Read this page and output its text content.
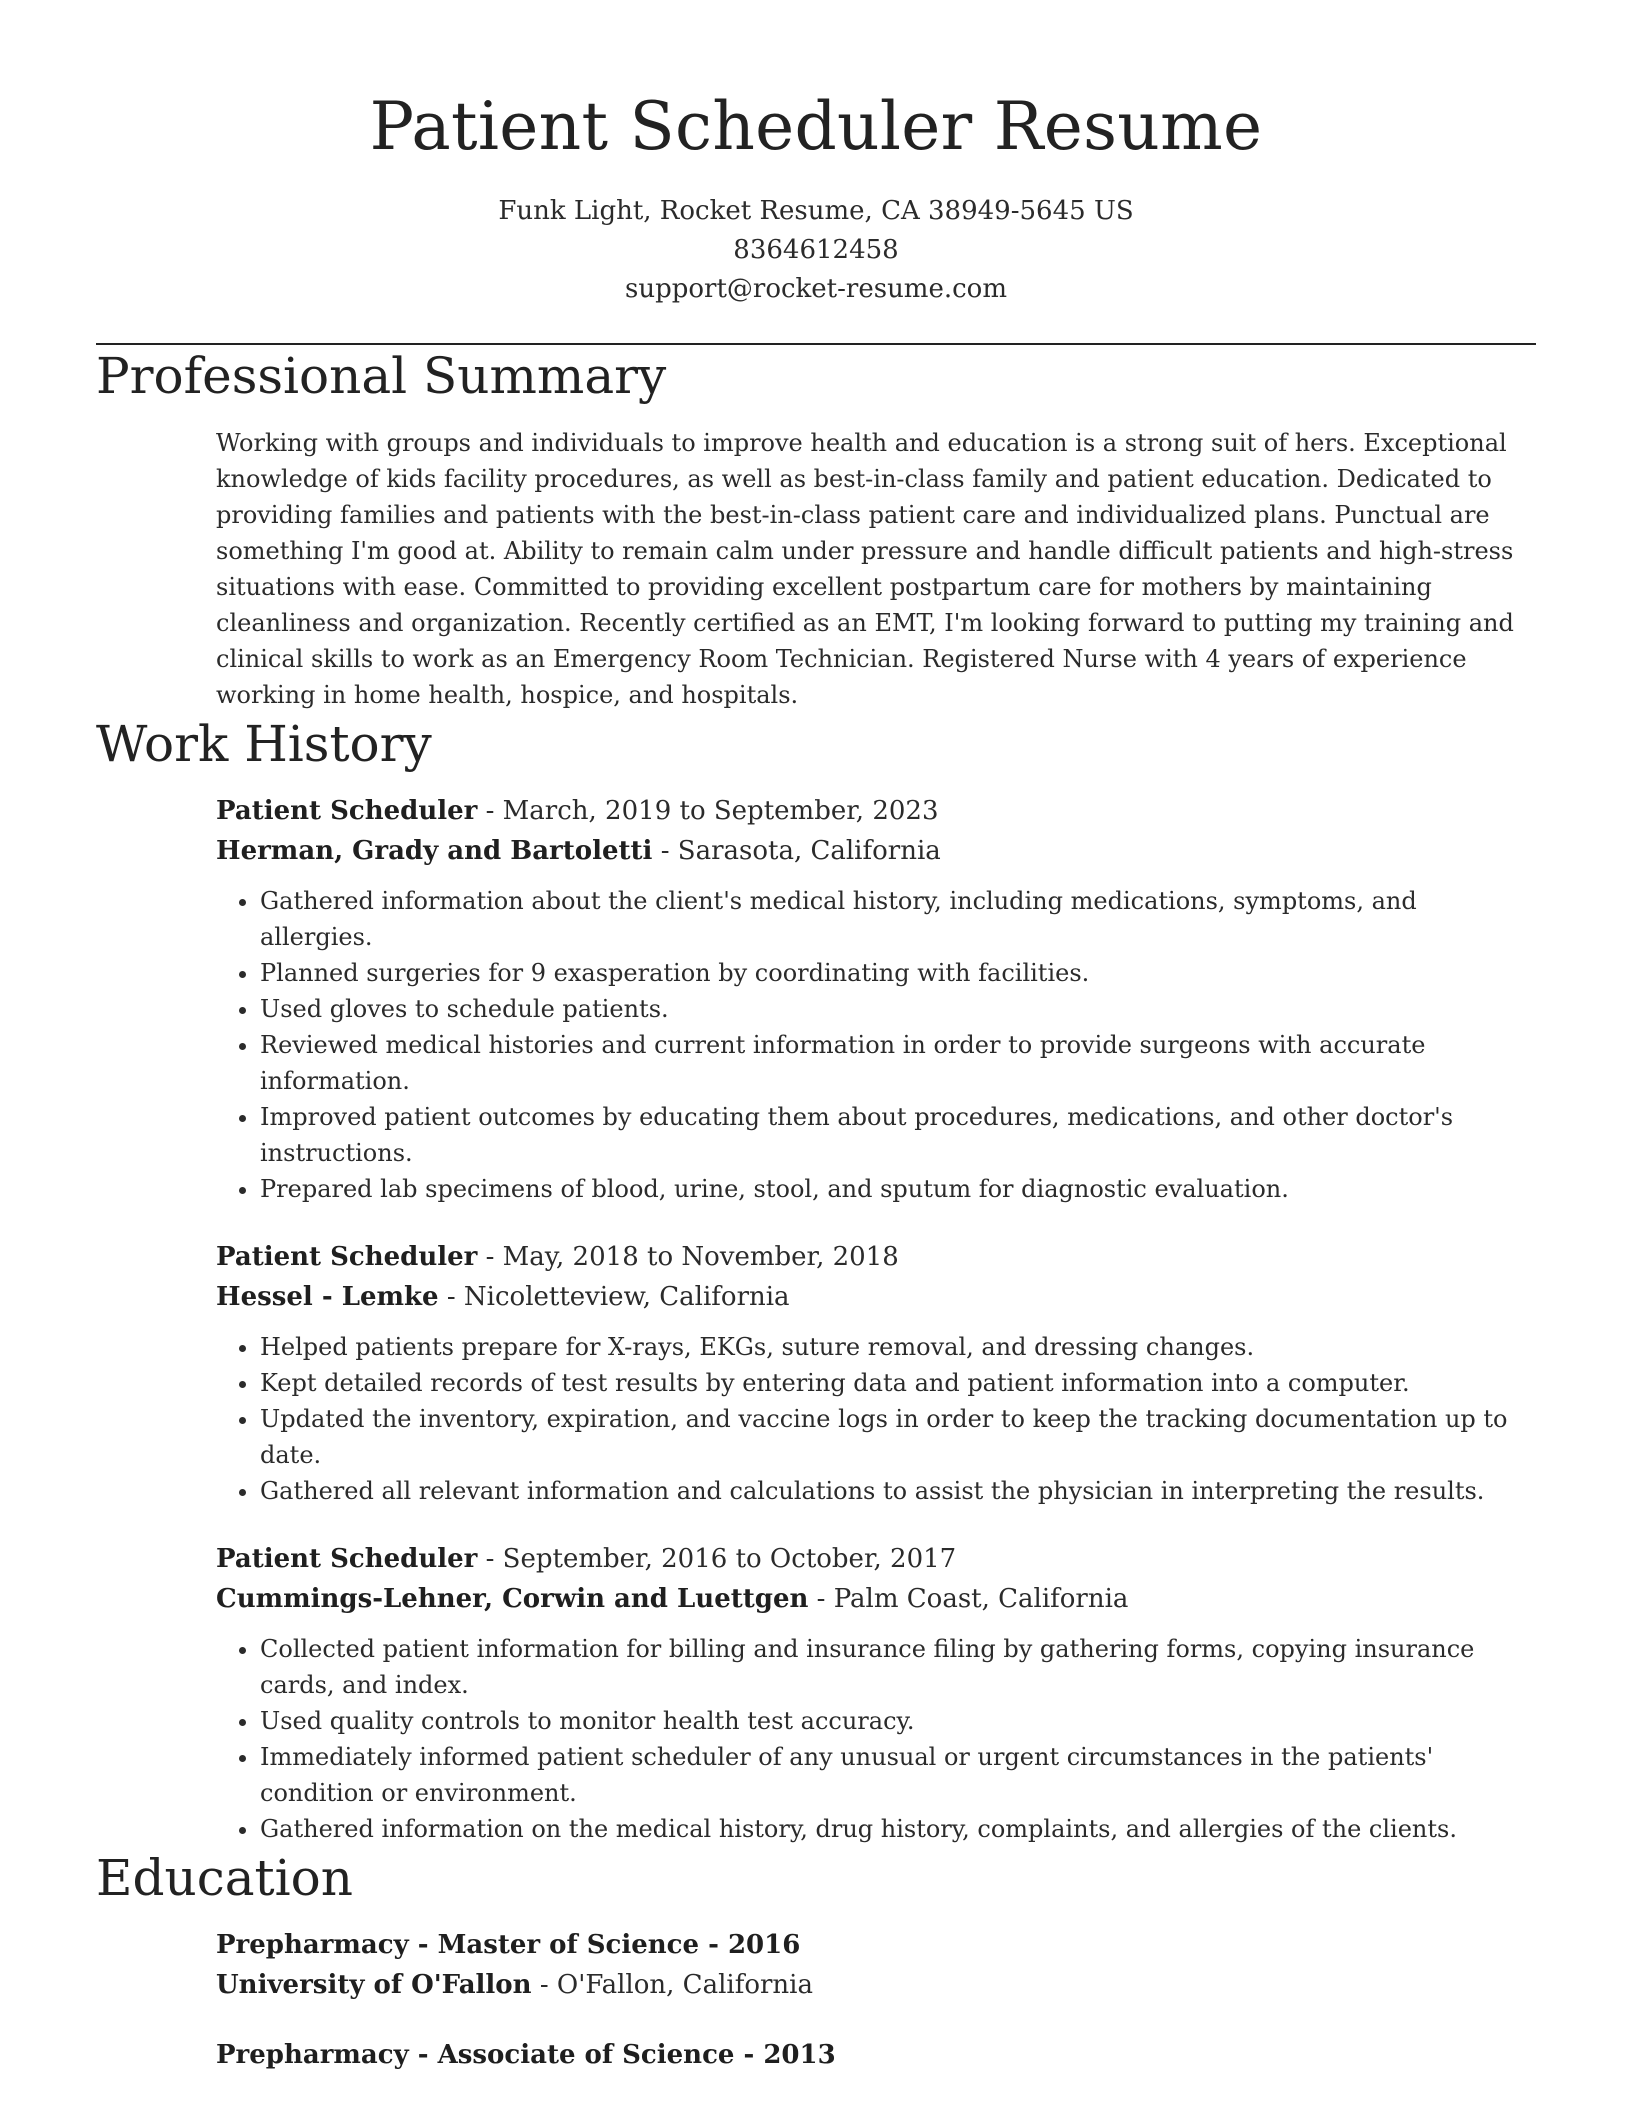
Patient Scheduler Resume
Funk Light, Rocket Resume, CA 38949-5645 US
8364612458
support@rocket-resume.com
Professional Summary

Working with groups and individuals to improve health and education is a strong suit of hers. Exceptional knowledge of kids facility procedures, as well as best-in-class family and patient education. Dedicated to providing families and patients with the best-in-class patient care and individualized plans. Punctual are something I'm good at. Ability to remain calm under pressure and handle difficult patients and high-stress situations with ease. Committed to providing excellent postpartum care for mothers by maintaining cleanliness and organization. Recently certified as an EMT, I'm looking forward to putting my training and clinical skills to work as an Emergency Room Technician. Registered Nurse with 4 years of experience working in home health, hospice, and hospitals.

Work History
Patient Scheduler - March, 2019 to September, 2023
Herman, Grady and Bartoletti - Sarasota, California
• Gathered information about the client's medical history, including medications, symptoms, and allergies.
• Planned surgeries for 9 exasperation by coordinating with facilities.
• Used gloves to schedule patients.
• Reviewed medical histories and current information in order to provide surgeons with accurate information.
• Improved patient outcomes by educating them about procedures, medications, and other doctor's instructions.
• Prepared lab specimens of blood, urine, stool, and sputum for diagnostic evaluation.
Patient Scheduler - May, 2018 to November, 2018
Hessel - Lemke - Nicoletteview, California
• Helped patients prepare for X-rays, EKGs, suture removal, and dressing changes.
• Kept detailed records of test results by entering data and patient information into a computer.
• Updated the inventory, expiration, and vaccine logs in order to keep the tracking documentation up to date.
• Gathered all relevant information and calculations to assist the physician in interpreting the results.
Patient Scheduler - September, 2016 to October, 2017
Cummings-Lehner, Corwin and Luettgen - Palm Coast, California
• Collected patient information for billing and insurance filing by gathering forms, copying insurance cards, and index.
• Used quality controls to monitor health test accuracy.
• Immediately informed patient scheduler of any unusual or urgent circumstances in the patients' condition or environment.
• Gathered information on the medical history, drug history, complaints, and allergies of the clients.
Education
Prepharmacy - Master of Science - 2016
University of O'Fallon - O'Fallon, California
Prepharmacy - Associate of Science - 2013
